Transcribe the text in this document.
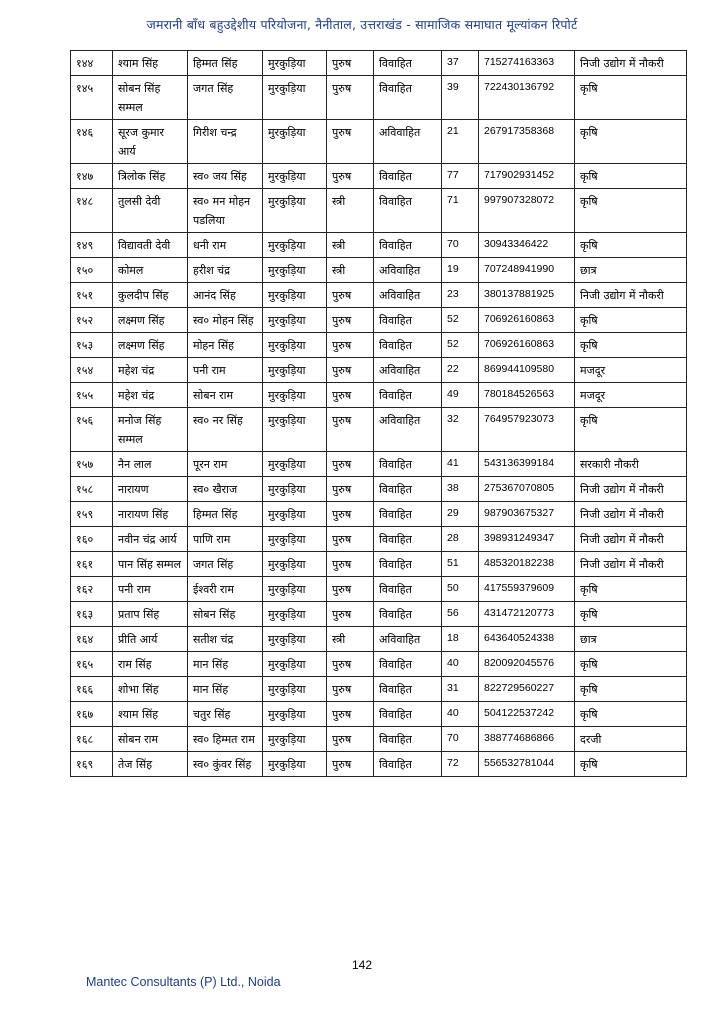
जमरानी बाँध बहुउद्देशीय परियोजना, नैनीताल, उत्तराखंड - सामाजिक समाघात मूल्यांकन रिपोर्ट
१४४	श्याम सिंह	हिम्मत सिंह	मुरकुड़िया	पुरुष	विवाहित	37	715274163363	निजी उद्योग में नौकरी
१४५	सोबन सिंह सम्मल	जगत सिंह	मुरकुड़िया	पुरुष	विवाहित	39	722430136792	कृषि
१४६	सूरज कुमार आर्य	गिरीश चन्द्र	मुरकुड़िया	पुरुष	अविवाहित	21	267917358368	कृषि
१४७	त्रिलोक सिंह	स्व० जय सिंह	मुरकुड़िया	पुरुष	विवाहित	77	717902931452	कृषि
१४८	तुलसी देवी	स्व० मन मोहन पडलिया	मुरकुड़िया	स्त्री	विवाहित	71	997907328072	कृषि
१४९	विद्यावती देवी	धनी राम	मुरकुड़िया	स्त्री	विवाहित	70	30943346422	कृषि
१५०	कोमल	हरीश चंद्र	मुरकुड़िया	स्त्री	अविवाहित	19	707248941990	छात्र
१५१	कुलदीप सिंह	आनंद सिंह	मुरकुड़िया	पुरुष	अविवाहित	23	380137881925	निजी उद्योग में नौकरी
१५२	लक्ष्मण सिंह	स्व० मोहन सिंह	मुरकुड़िया	पुरुष	विवाहित	52	706926160863	कृषि
१५३	लक्ष्मण सिंह	मोहन सिंह	मुरकुड़िया	पुरुष	विवाहित	52	706926160863	कृषि
१५४	महेश चंद्र	पनी राम	मुरकुड़िया	पुरुष	अविवाहित	22	869944109580	मजदूर
१५५	महेश चंद्र	सोबन राम	मुरकुड़िया	पुरुष	विवाहित	49	780184526563	मजदूर
१५६	मनोज सिंह सम्मल	स्व० नर सिंह	मुरकुड़िया	पुरुष	अविवाहित	32	764957923073	कृषि
१५७	नैन लाल	पूरन राम	मुरकुड़िया	पुरुष	विवाहित	41	543136399184	सरकारी नौकरी
१५८	नारायण	स्व० खैराज	मुरकुड़िया	पुरुष	विवाहित	38	275367070805	निजी उद्योग में नौकरी
१५९	नारायण सिंह	हिम्मत सिंह	मुरकुड़िया	पुरुष	विवाहित	29	987903675327	निजी उद्योग में नौकरी
१६०	नवीन चंद्र आर्य	पाणि राम	मुरकुड़िया	पुरुष	विवाहित	28	398931249347	निजी उद्योग में नौकरी
१६१	पान सिंह सम्मल	जगत सिंह	मुरकुड़िया	पुरुष	विवाहित	51	485320182238	निजी उद्योग में नौकरी
१६२	पनी राम	ईश्वरी राम	मुरकुड़िया	पुरुष	विवाहित	50	417559379609	कृषि
१६३	प्रताप सिंह	सोबन सिंह	मुरकुड़िया	पुरुष	विवाहित	56	431472120773	कृषि
१६४	प्रीति आर्य	सतीश चंद्र	मुरकुड़िया	स्त्री	अविवाहित	18	643640524338	छात्र
१६५	राम सिंह	मान सिंह	मुरकुड़िया	पुरुष	विवाहित	40	820092045576	कृषि
१६६	शोभा सिंह	मान सिंह	मुरकुड़िया	पुरुष	विवाहित	31	822729560227	कृषि
१६७	श्याम सिंह	चतुर सिंह	मुरकुड़िया	पुरुष	विवाहित	40	504122537242	कृषि
१६८	सोबन राम	स्व० हिम्मत राम	मुरकुड़िया	पुरुष	विवाहित	70	388774686866	दरजी
१६९	तेज सिंह	स्व० कुंवर सिंह	मुरकुड़िया	पुरुष	विवाहित	72	556532781044	कृषि
142
Mantec Consultants (P) Ltd., Noida
